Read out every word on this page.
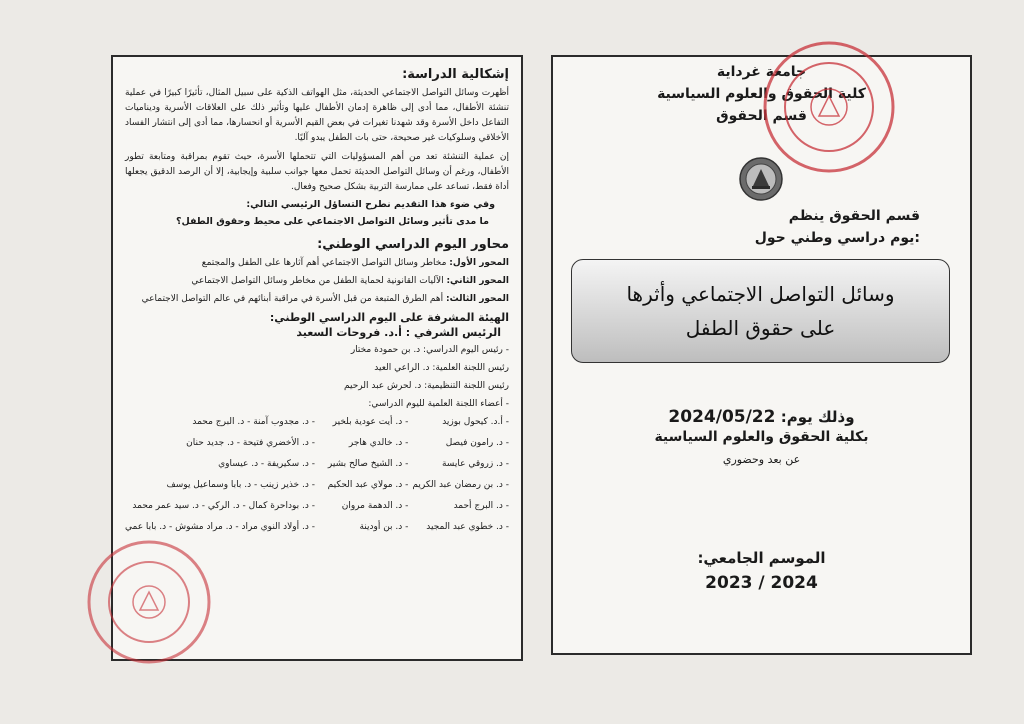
إشكالية الدراسة:

أظهرت وسائل التواصل الاجتماعي الحديثة، مثل الهواتف الذكية على سبيل المثال، تأثيرًا كبيرًا في عملية تنشئة الأطفال، مما أدى إلى ظاهرة إدمان الأطفال عليها وتأثير ذلك على العلاقات الأسرية وديناميات التفاعل داخل الأسرة وقد شهدنا تغيرات في بعض القيم الأسرية أو انحسارها، مما أدى إلى انتشار الفساد الأخلاقي وسلوكيات غير صحيحة، حتى بات الطفل يبدو آليًا.

إن عملية التنشئة تعد من أهم المسؤوليات التي تتحملها الأسرة، حيث تقوم بمراقبة ومتابعة تطور الأطفال، ورغم أن وسائل التواصل الحديثة تحمل معها جوانب سلبية وإيجابية، إلا أن الرصد الدقيق يجعلها أداة فقط، تساعد على ممارسة التربية بشكل صحيح وفعال.

وفي ضوء هذا التقديم نطرح التساؤل الرئيسي التالي:
ما مدى تأثير وسائل التواصل الاجتماعي على محيط وحقوق الطفل؟
محاور اليوم الدراسي الوطني:
المحور الأول: مخاطر وسائل التواصل الاجتماعي أهم آثارها على الطفل والمجتمع
المحور الثاني: الآليات القانونية لحماية الطفل من مخاطر وسائل التواصل الاجتماعي
المحور الثالث: أهم الطرق المتبعة من قبل الأسرة في مراقبة أبنائهم في عالم التواصل الاجتماعي
الهيئة المشرفة على اليوم الدراسي الوطني:
الرئيس الشرفي : أ.د. فروحات السعيد
- رئيس اليوم الدراسي: د. بن حمودة مختار
رئيس اللجنة العلمية: د. الراعي العيد
رئيس اللجنة التنظيمية: د. لحرش عبد الرحيم
- أعضاء اللجنة العلمية لليوم الدراسي:
- أ.د. كيحول بوزيد
- د. أيت عودية بلخير
- د. مجدوب آمنة - د. البرج محمد
- د. رامون فيصل
- د. خالدي هاجر
- د. الأخضري فتيحة - د. جديد حنان
- د. زروقي عايسة
- د. الشيخ صالح بشير
- د. سكيريفة - د. عيساوي
- د. بن رمضان عبد الكريم
- د. مولاي عبد الحكيم
- د. خذير زينب - د. بابا وسماعيل يوسف
- د. البرج أحمد
- د. الدهمة مروان
- د. بوداحرة كمال - د. الركي - د. سيد عمر محمد
- د. خطوي عبد المجيد
- د. بن أودينة
- د. أولاد النوي مراد - د. مراد مشوش - د. بابا عمي
جامعة غرداية
كلية الحقوق والعلوم السياسية
قسم الحقوق
قسم الحقوق ينظم
يوم دراسي وطني حول:
وسائل التواصل الاجتماعي وأثرها
على حقوق الطفل
وذلك يوم: 2024/05/22
بكلية الحقوق والعلوم السياسية
عن بعد وحضوري
الموسم الجامعي:
2023 / 2024
